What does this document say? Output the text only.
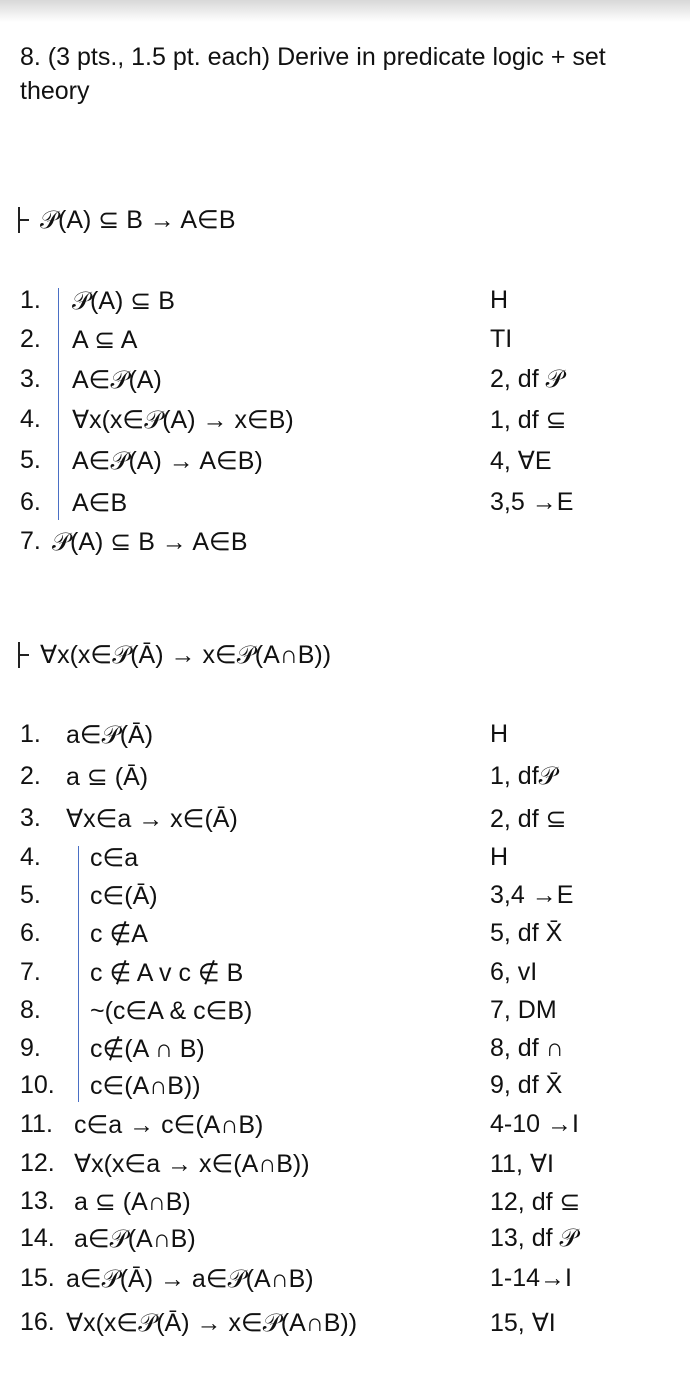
8. (3 pts., 1.5 pt. each) Derive in predicate logic + set theory
𝒫(A) ⊆ B → A∈B
1. 𝒫(A) ⊆ B	H
2. A ⊆ A	TI
3. A∈𝒫(A)	2, df 𝒫
4. ∀x(x∈𝒫(A) → x∈B)	1, df ⊆
5. A∈𝒫(A) → A∈B)	4, ∀E
6. A∈B	3,5 →E
7. 𝒫(A) ⊆ B → A∈B
∀x(x∈𝒫(Ā) → x∈𝒫(A∩B))
1. a∈𝒫(Ā)	H
2. a ⊆ (Ā)	1, df𝒫
3. ∀x∈a → x∈(Ā)	2, df ⊆
4. c∈a	H
5. c∈(Ā)	3,4 →E
6. c ∉A	5, df X̄
7. c ∉ A v c ∉ B	6, vI
8. ~(c∈A & c∈B)	7, DM
9. c∉(A ∩ B)	8, df ∩
10. c∈(A∩B))	9, df X̄
11. c∈a → c∈(A∩B)	4-10 →I
12. ∀x(x∈a → x∈(A∩B))	11, ∀I
13. a ⊆ (A∩B)	12, df ⊆
14. a∈𝒫(A∩B)	13, df 𝒫
15. a∈𝒫(Ā) → a∈𝒫(A∩B)	1-14→I
16. ∀x(x∈𝒫(Ā) → x∈𝒫(A∩B))	15, ∀I
